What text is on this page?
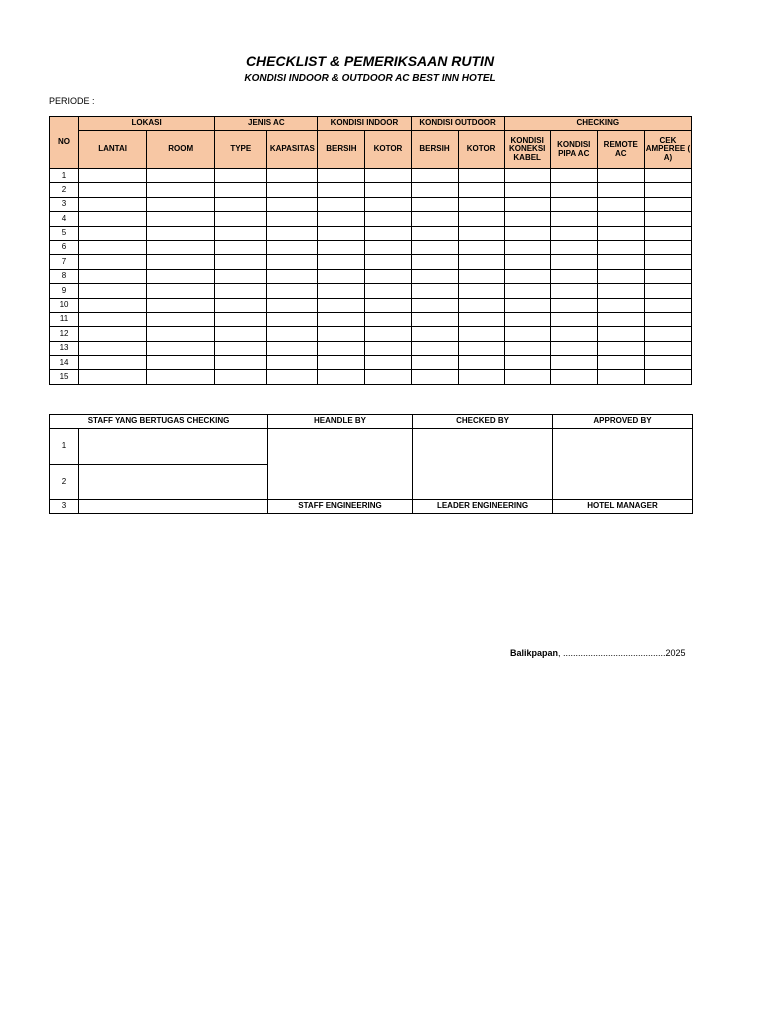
CHECKLIST & PEMERIKSAAN RUTIN
KONDISI INDOOR & OUTDOOR AC BEST INN HOTEL
PERIODE :
NO	LOKASI		JENIS AC		KONDISI INDOOR		KONDISI OUTDOOR		CHECKING			
	LANTAI	ROOM	TYPE	KAPASITAS	BERSIH	KOTOR	BERSIH	KOTOR	KONDISI KONEKSI KABEL	KONDISI PIPA AC	REMOTE AC	CEK AMPEREE ( A)
1												
2												
3												
4												
5												
6												
7												
8												
9												
10												
11												
12												
13												
14												
15												
STAFF YANG BERTUGAS CHECKING		HEANDLE BY	CHECKED BY	APPROVED BY

1				
2				
3		STAFF ENGINEERING	LEADER ENGINEERING	HOTEL MANAGER
Balikpapan, .........................................2025
